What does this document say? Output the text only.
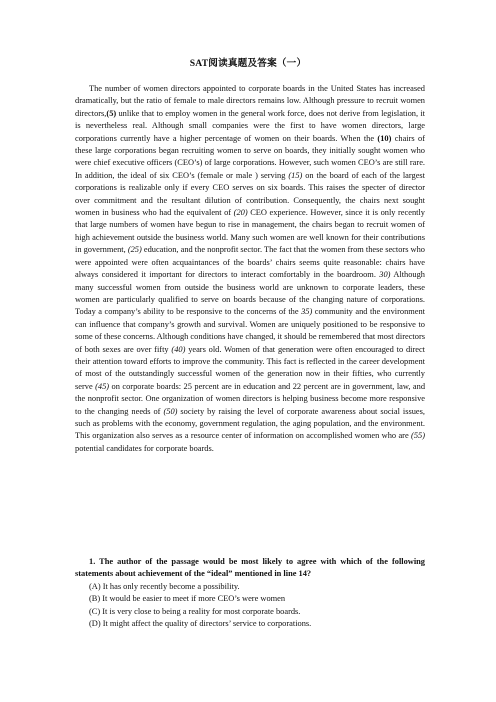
SAT阅读真题及答案（一）

The number of women directors appointed to corporate boards in the United States has increased dramatically, but the ratio of female to male directors remains low. Although pressure to recruit women directors,(5) unlike that to employ women in the general work force, does not derive from legislation, it is nevertheless real. Although small companies were the first to have women directors, large corporations currently have a higher percentage of women on their boards. When the (10) chairs of these large corporations began recruiting women to serve on boards, they initially sought women who were chief executive officers (CEO’s) of large corporations. However, such women CEO’s are still rare. In addition, the ideal of six CEO’s (female or male ) serving (15) on the board of each of the largest corporations is realizable only if every CEO serves on six boards. This raises the specter of director over commitment and the resultant dilution of contribution. Consequently, the chairs next sought women in business who had the equivalent of (20) CEO experience. However, since it is only recently that large numbers of women have begun to rise in management, the chairs began to recruit women of high achievement outside the business world. Many such women are well known for their contributions in government, (25) education, and the nonprofit sector. The fact that the women from these sectors who were appointed were often acquaintances of the boards’ chairs seems quite reasonable: chairs have always considered it important for directors to interact comfortably in the boardroom. 30) Although many successful women from outside the business world are unknown to corporate leaders, these women are particularly qualified to serve on boards because of the changing nature of corporations. Today a company’s ability to be responsive to the concerns of the 35) community and the environment can influence that company’s growth and survival. Women are uniquely positioned to be responsive to some of these concerns. Although conditions have changed, it should be remembered that most directors of both sexes are over fifty (40) years old. Women of that generation were often encouraged to direct their attention toward efforts to improve the community. This fact is reflected in the career development of most of the outstandingly successful women of the generation now in their fifties, who currently serve (45) on corporate boards: 25 percent are in education and 22 percent are in government, law, and the nonprofit sector. One organization of women directors is helping business become more responsive to the changing needs of (50) society by raising the level of corporate awareness about social issues, such as problems with the economy, government regulation, the aging population, and the environment. This organization also serves as a resource center of information on accomplished women who are (55) potential candidates for corporate boards.

1. The author of the passage would be most likely to agree with which of the following statements about achievement of the “ideal” mentioned in line 14?

(A) It has only recently become a possibility.
(B) It would be easier to meet if more CEO’s were women
(C) It is very close to being a reality for most corporate boards.
(D) It might affect the quality of directors’ service to corporations.
